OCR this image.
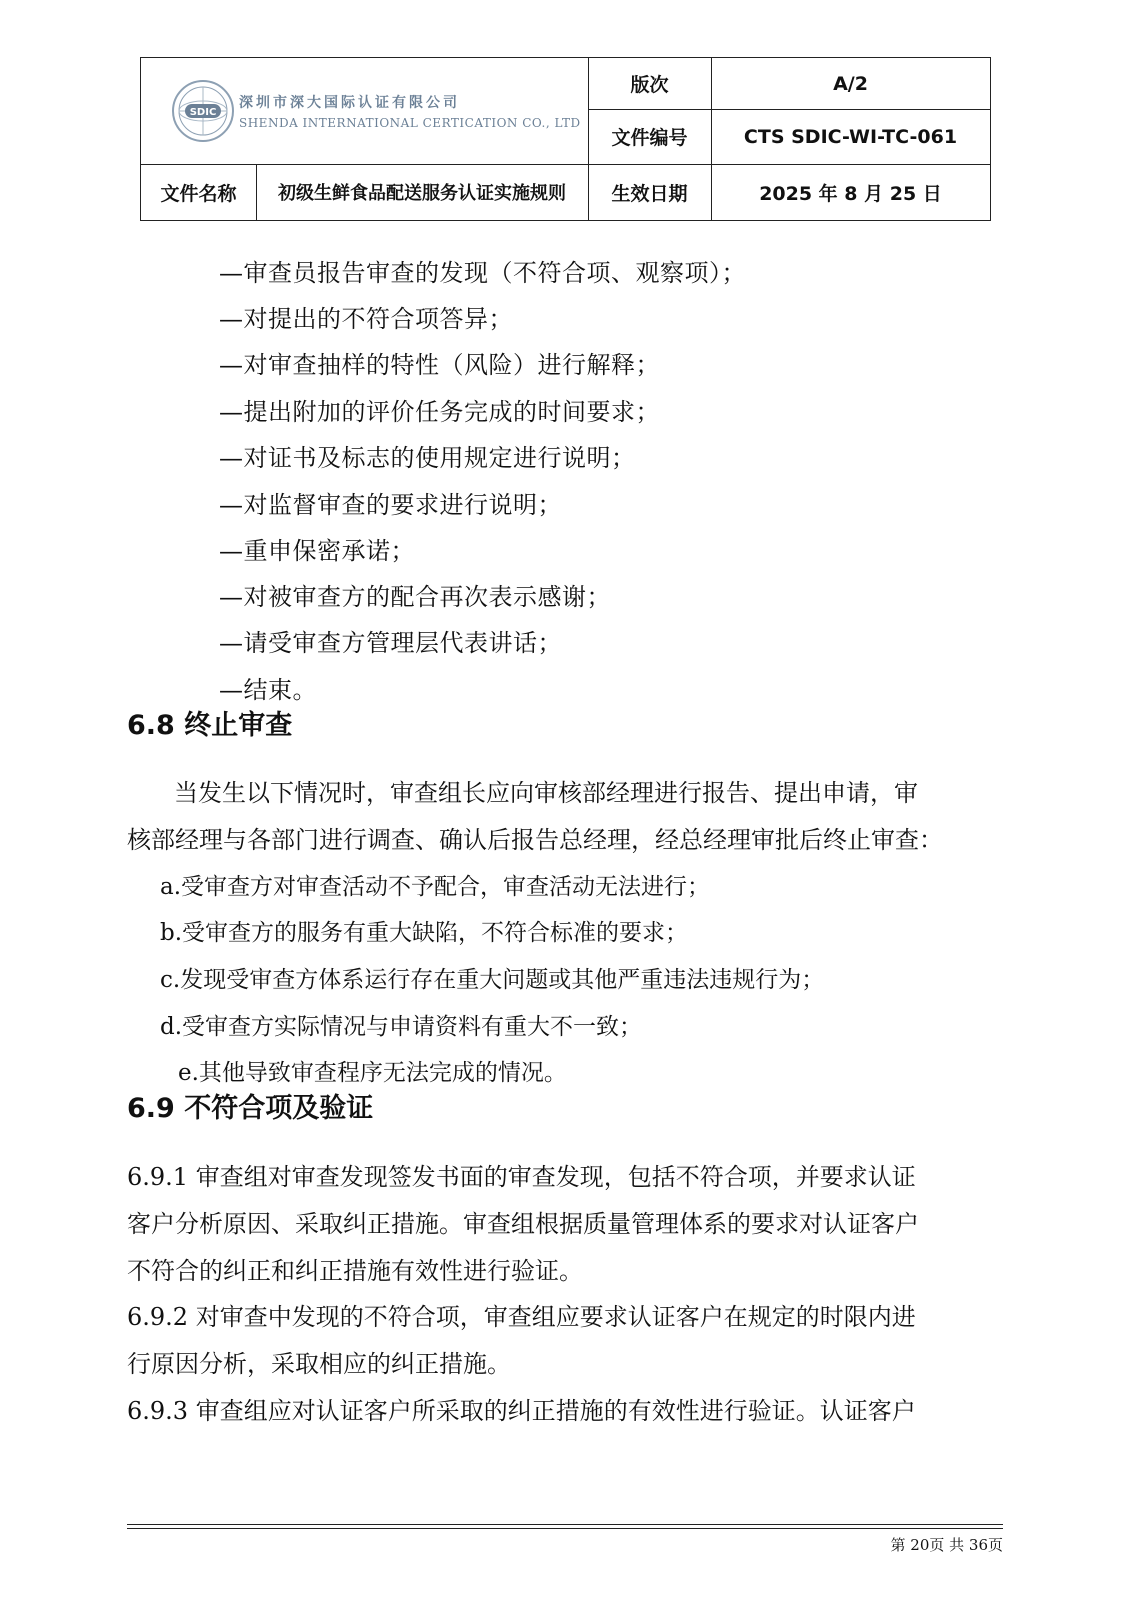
SDIC
深圳市深大国际认证有限公司
SHENDA INTERNATIONAL CERTICATION CO., LTD
版次	A/2
文件编号	CTS SDIC-WI-TC-061
文件名称	初级生鲜食品配送服务认证实施规则	生效日期	2025 年 8 月 25 日
—审查员报告审查的发现（不符合项、观察项）；
—对提出的不符合项答异；
—对审查抽样的特性（风险）进行解释；
—提出附加的评价任务完成的时间要求；
—对证书及标志的使用规定进行说明；
—对监督审查的要求进行说明；
—重申保密承诺；
—对被审查方的配合再次表示感谢；
—请受审查方管理层代表讲话；
—结束。
6.8 终止审查
当发生以下情况时，审查组长应向审核部经理进行报告、提出申请，审
核部经理与各部门进行调查、确认后报告总经理，经总经理审批后终止审查：
a.受审查方对审查活动不予配合，审查活动无法进行；
b.受审查方的服务有重大缺陷，不符合标准的要求；
c.发现受审查方体系运行存在重大问题或其他严重违法违规行为；
d.受审查方实际情况与申请资料有重大不一致；
e.其他导致审查程序无法完成的情况。
6.9 不符合项及验证
6.9.1 审查组对审查发现签发书面的审查发现，包括不符合项，并要求认证
客户分析原因、采取纠正措施。审查组根据质量管理体系的要求对认证客户
不符合的纠正和纠正措施有效性进行验证。
6.9.2 对审查中发现的不符合项，审查组应要求认证客户在规定的时限内进
行原因分析，采取相应的纠正措施。
6.9.3 审查组应对认证客户所采取的纠正措施的有效性进行验证。认证客户
第 20页 共 36页
